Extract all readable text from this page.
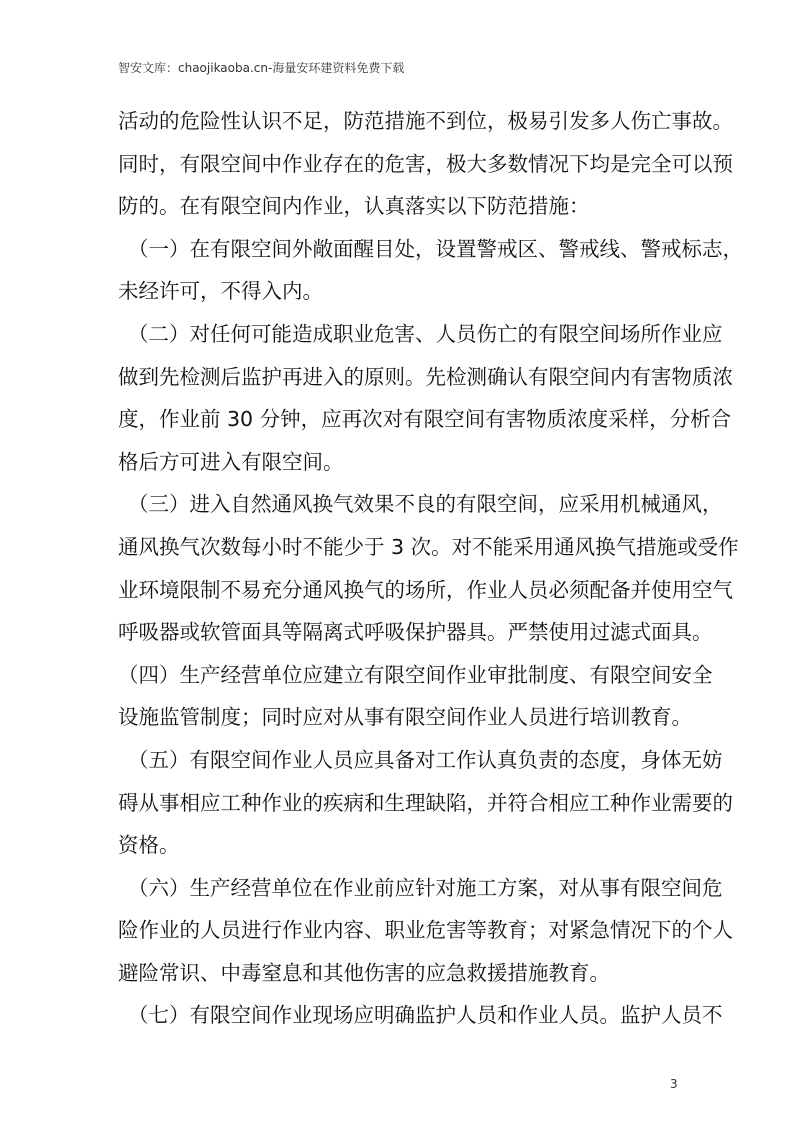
智安文库：chaojikaoba.cn-海量安环建资料免费下载
活动的危险性认识不足，防范措施不到位，极易引发多人伤亡事故。
同时，有限空间中作业存在的危害，极大多数情况下均是完全可以预
防的。在有限空间内作业，认真落实以下防范措施：
（一）在有限空间外敞面醒目处，设置警戒区、警戒线、警戒标志，
未经许可，不得入内。
（二）对任何可能造成职业危害、人员伤亡的有限空间场所作业应
做到先检测后监护再进入的原则。先检测确认有限空间内有害物质浓
度，作业前 30 分钟，应再次对有限空间有害物质浓度采样，分析合
格后方可进入有限空间。
（三）进入自然通风换气效果不良的有限空间，应采用机械通风，
通风换气次数每小时不能少于 3 次。对不能采用通风换气措施或受作
业环境限制不易充分通风换气的场所，作业人员必须配备并使用空气
呼吸器或软管面具等隔离式呼吸保护器具。严禁使用过滤式面具。
（四）生产经营单位应建立有限空间作业审批制度、有限空间安全
设施监管制度；同时应对从事有限空间作业人员进行培训教育。
（五）有限空间作业人员应具备对工作认真负责的态度，身体无妨
碍从事相应工种作业的疾病和生理缺陷，并符合相应工种作业需要的
资格。
（六）生产经营单位在作业前应针对施工方案，对从事有限空间危
险作业的人员进行作业内容、职业危害等教育；对紧急情况下的个人
避险常识、中毒窒息和其他伤害的应急救援措施教育。
（七）有限空间作业现场应明确监护人员和作业人员。监护人员不
3
